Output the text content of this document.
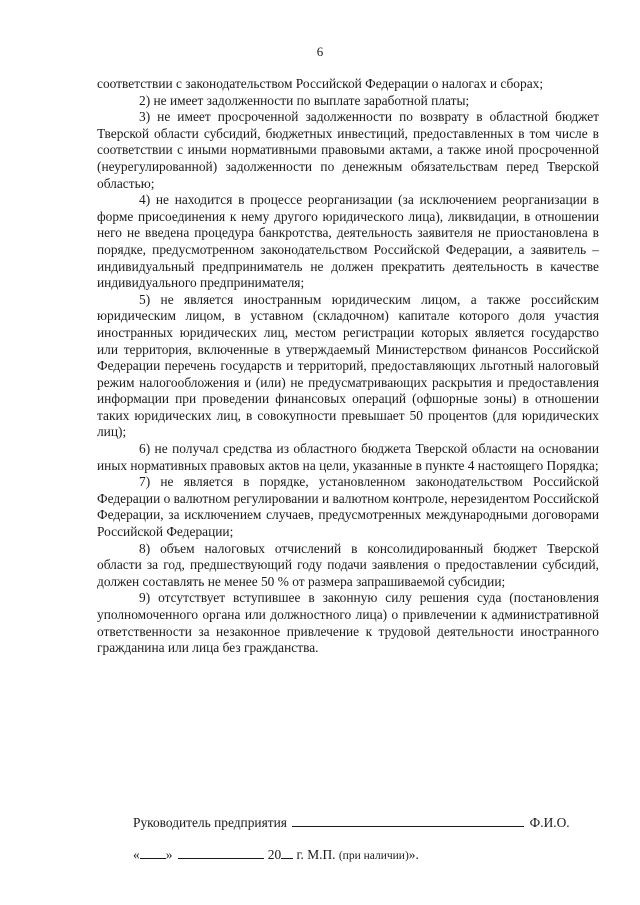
6

соответствии с законодательством Российской Федерации о налогах и сборах;

2) не имеет задолженности по выплате заработной платы;

3) не имеет просроченной задолженности по возврату в областной бюджет Тверской области субсидий, бюджетных инвестиций, предоставленных в том числе в соответствии с иными нормативными правовыми актами, а также иной просроченной (неурегулированной) задолженности по денежным обязательствам перед Тверской областью;

4) не находится в процессе реорганизации (за исключением реорганизации в форме присоединения к нему другого юридического лица), ликвидации, в отношении него не введена процедура банкротства, деятельность заявителя не приостановлена в порядке, предусмотренном законодательством Российской Федерации, а заявитель – индивидуальный предприниматель не должен прекратить деятельность в качестве индивидуального предпринимателя;

5) не является иностранным юридическим лицом, а также российским юридическим лицом, в уставном (складочном) капитале которого доля участия иностранных юридических лиц, местом регистрации которых является государство или территория, включенные в утверждаемый Министерством финансов Российской Федерации перечень государств и территорий, предоставляющих льготный налоговый режим налогообложения и (или) не предусматривающих раскрытия и предоставления информации при проведении финансовых операций (офшорные зоны) в отношении таких юридических лиц, в совокупности превышает 50 процентов (для юридических лиц);

6) не получал средства из областного бюджета Тверской области на основании иных нормативных правовых актов на цели, указанные в пункте 4 настоящего Порядка;

7) не является в порядке, установленном законодательством Российской Федерации о валютном регулировании и валютном контроле, нерезидентом Российской Федерации, за исключением случаев, предусмотренных международными договорами Российской Федерации;

8) объем налоговых отчислений в консолидированный бюджет Тверской области за год, предшествующий году подачи заявления о предоставлении субсидий, должен составлять не менее 50 % от размера запрашиваемой субсидии;

9) отсутствует вступившее в законную силу решения суда (постановления уполномоченного органа или должностного лица) о привлечении к административной ответственности за незаконное привлечение к трудовой деятельности иностранного гражданина или лица без гражданства.

Руководитель предприятия	Ф.И.О.
« »	20 г. М.П. (при наличии)».
